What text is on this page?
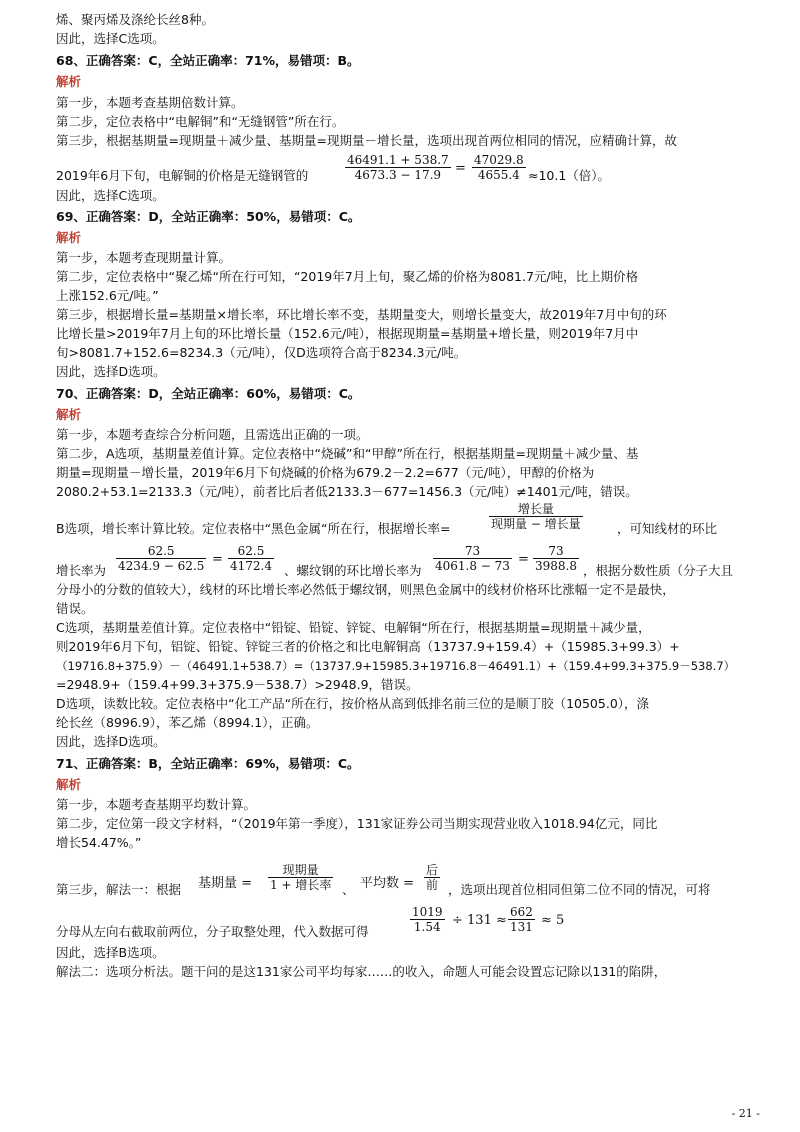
烯、聚丙烯及涤纶长丝8种。
因此，选择C选项。
68、正确答案：C，全站正确率：71%，易错项：B。
解析
第一步，本题考查基期倍数计算。
第二步，定位表格中“电解铜”和“无缝钢管”所在行。
第三步，根据基期量=现期量＋减少量、基期量=现期量－增长量，选项出现首两位相同的情况，应精确计算，故
2019年6月下旬，电解铜的价格是无缝钢管的	$\frac{46491.1 + 538.7}{4673.3 - 17.9} = \frac{47029.8}{4655.4} \approx 10.1$（倍）。
因此，选择C选项。
69、正确答案：D，全站正确率：50%，易错项：C。
解析
第一步，本题考查现期量计算。
第二步，定位表格中“聚乙烯“所在行可知，“2019年7月上旬，聚乙烯的价格为8081.7元/吨，比上期价格
上涨152.6元/吨。”
第三步，根据增长量=基期量×增长率，环比增长率不变，基期量变大，则增长量变大，故2019年7月中旬的环
比增长量>2019年7月上旬的环比增长量（152.6元/吨），根据现期量=基期量+增长量，则2019年7月中
旬>8081.7+152.6=8234.3（元/吨），仅D选项符合高于8234.3元/吨。
因此，选择D选项。
70、正确答案：D，全站正确率：60%，易错项：C。
解析
第一步，本题考查综合分析问题，且需选出正确的一项。
第二步，A选项，基期量差值计算。定位表格中“烧碱”和“甲醇”所在行，根据基期量=现期量＋减少量、基
期量=现期量－增长量，2019年6月下旬烧碱的价格为679.2－2.2=677（元/吨），甲醇的价格为
2080.2+53.1=2133.3（元/吨），前者比后者低2133.3－677=1456.3（元/吨）≠1401元/吨，错误。
B选项，增长率计算比较。定位表格中“黑色金属“所在行，根据增长率=
增长量
现期量 − 增长量	，可知线材的环比
增长率为 $\frac{62.5}{4234.9 - 62.5} = \frac{62.5}{4172.4}$ 、螺纹钢的环比增长率为 $\frac{73}{4061.8 - 73} = \frac{73}{3988.8}$ ，根据分数性质（分子大且
分母小的分数的值较大），线材的环比增长率必然低于螺纹钢，则黑色金属中的线材价格环比涨幅一定不是最快，
错误。
C选项，基期量差值计算。定位表格中“铅锭、铅锭、锌锭、电解铜“所在行，根据基期量=现期量＋减少量，
则2019年6月下旬，铝锭、铅锭、锌锭三者的价格之和比电解铜高（13737.9+159.4）+（15985.3+99.3）+
（19716.8+375.9）－（46491.1+538.7）=（13737.9+15985.3+19716.8－46491.1）+（159.4+99.3+375.9－538.7）
=2948.9+（159.4+99.3+375.9－538.7）>2948.9，错误。
D选项，读数比较。定位表格中“化工产品“所在行，按价格从高到低排名前三位的是顺丁胶（10505.0），涤
纶长丝（8996.9），苯乙烯（8994.1），正确。
因此，选择D选项。
71、正确答案：B，全站正确率：69%，易错项：C。
解析
第一步，本题考查基期平均数计算。
第二步，定位第一段文字材料，“（2019年第一季度），131家证券公司当期实现营业收入1018.94亿元，同比
增长54.47%。”
第三步，解法一：根据 基期量 =
现期量
1 + 增长率 、 平均数 =
后
前 ，选项出现首位相同但第二位不同的情况，可将
分母从左向右截取前两位，分子取整处理，代入数据可得	$\frac{1019}{1.54} \div 131 \approx \frac{662}{131} \approx 5$
因此，选择B选项。
解法二：选项分析法。题干问的是这131家公司平均每家……的收入，命题人可能会设置忘记除以131的陷阱，
- 21 -
